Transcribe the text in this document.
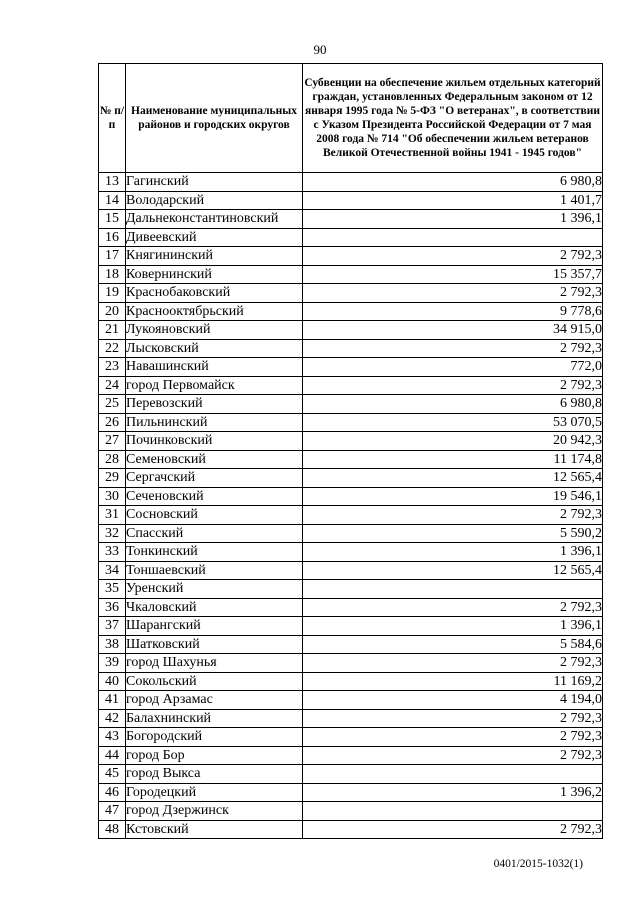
90
№ п/п	Наименование муниципальных районов и городских округов	Субвенции на обеспечение жильем отдельных категорий граждан, установленных Федеральным законом от 12 января 1995 года № 5-ФЗ "О ветеранах", в соответствии с Указом Президента Российской Федерации от 7 мая 2008 года № 714 "Об обеспечении жильем ветеранов Великой Отечественной войны 1941 - 1945 годов"
13	Гагинский	6 980,8
14	Володарский	1 401,7
15	Дальнеконстантиновский	1 396,1
16	Дивеевский	
17	Княгининский	2 792,3
18	Ковернинский	15 357,7
19	Краснобаковский	2 792,3
20	Краснооктябрьский	9 778,6
21	Лукояновский	34 915,0
22	Лысковский	2 792,3
23	Навашинский	772,0
24	город Первомайск	2 792,3
25	Перевозский	6 980,8
26	Пильнинский	53 070,5
27	Починковский	20 942,3
28	Семеновский	11 174,8
29	Сергачский	12 565,4
30	Сеченовский	19 546,1
31	Сосновский	2 792,3
32	Спасский	5 590,2
33	Тонкинский	1 396,1
34	Тоншаевский	12 565,4
35	Уренский	
36	Чкаловский	2 792,3
37	Шарангский	1 396,1
38	Шатковский	5 584,6
39	город Шахунья	2 792,3
40	Сокольский	11 169,2
41	город Арзамас	4 194,0
42	Балахнинский	2 792,3
43	Богородский	2 792,3
44	город Бор	2 792,3
45	город Выкса	
46	Городецкий	1 396,2
47	город Дзержинск	
48	Кстовский	2 792,3
0401/2015-1032(1)
